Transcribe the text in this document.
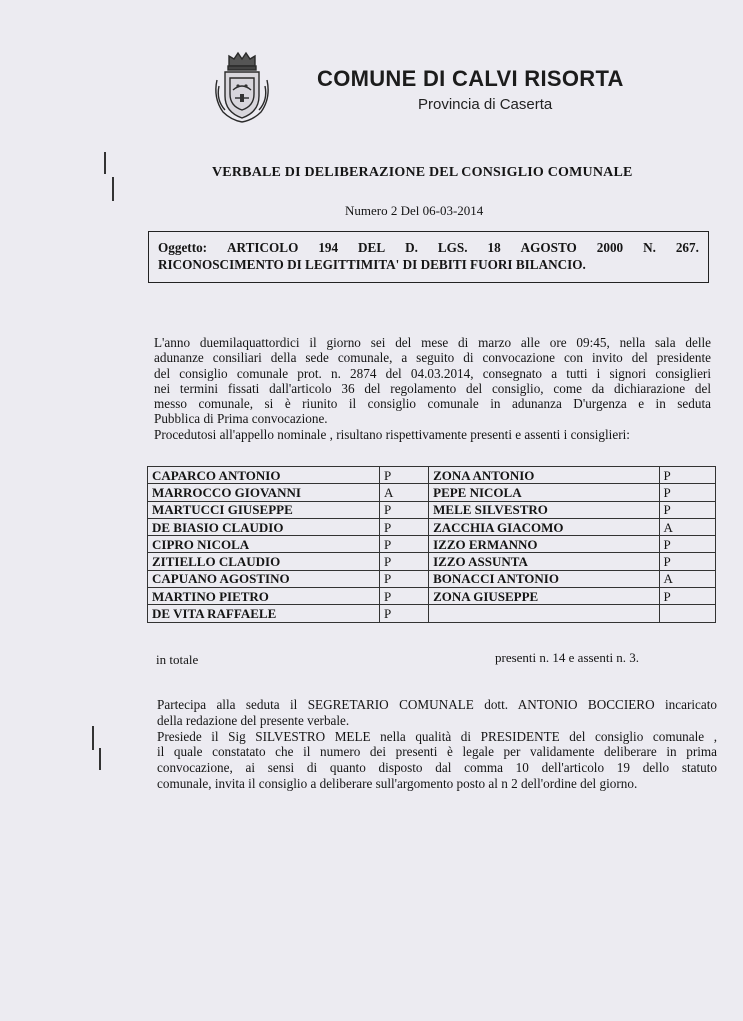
COMUNE DI CALVI RISORTA
Provincia di Caserta
VERBALE DI DELIBERAZIONE DEL CONSIGLIO COMUNALE
Numero 2 Del 06-03-2014
Oggetto: ARTICOLO 194 DEL D. LGS. 18 AGOSTO 2000 N. 267.
RICONOSCIMENTO DI LEGITTIMITA' DI DEBITI FUORI BILANCIO.
L'anno duemilaquattordici il giorno sei del mese di marzo alle ore 09:45, nella sala delle
adunanze consiliari della sede comunale, a seguito di convocazione con invito del presidente
del consiglio comunale prot. n. 2874 del 04.03.2014, consegnato a tutti i signori consiglieri
nei termini fissati dall'articolo 36 del regolamento del consiglio, come da dichiarazione del
messo comunale, si è riunito il consiglio comunale in adunanza D'urgenza e in seduta
Pubblica di Prima convocazione.
Procedutosi all'appello nominale , risultano rispettivamente presenti e assenti i consiglieri:
CAPARCO ANTONIO	P	ZONA ANTONIO	P
MARROCCO GIOVANNI	A	PEPE NICOLA	P
MARTUCCI GIUSEPPE	P	MELE SILVESTRO	P
DE BIASIO CLAUDIO	P	ZACCHIA GIACOMO	A
CIPRO NICOLA	P	IZZO ERMANNO	P
ZITIELLO CLAUDIO	P	IZZO ASSUNTA	P
CAPUANO AGOSTINO	P	BONACCI ANTONIO	A
MARTINO PIETRO	P	ZONA GIUSEPPE	P
DE VITA RAFFAELE	P		
in totale	presenti n. 14 e assenti n. 3.
Partecipa alla seduta il SEGRETARIO COMUNALE dott. ANTONIO BOCCIERO incaricato
della redazione del presente verbale.
Presiede il Sig SILVESTRO MELE nella qualità di PRESIDENTE del consiglio comunale ,
il quale constatato che il numero dei presenti è legale per validamente deliberare in prima
convocazione, ai sensi di quanto disposto dal comma 10 dell'articolo 19 dello statuto
comunale, invita il consiglio a deliberare sull'argomento posto al n 2 dell'ordine del giorno.
